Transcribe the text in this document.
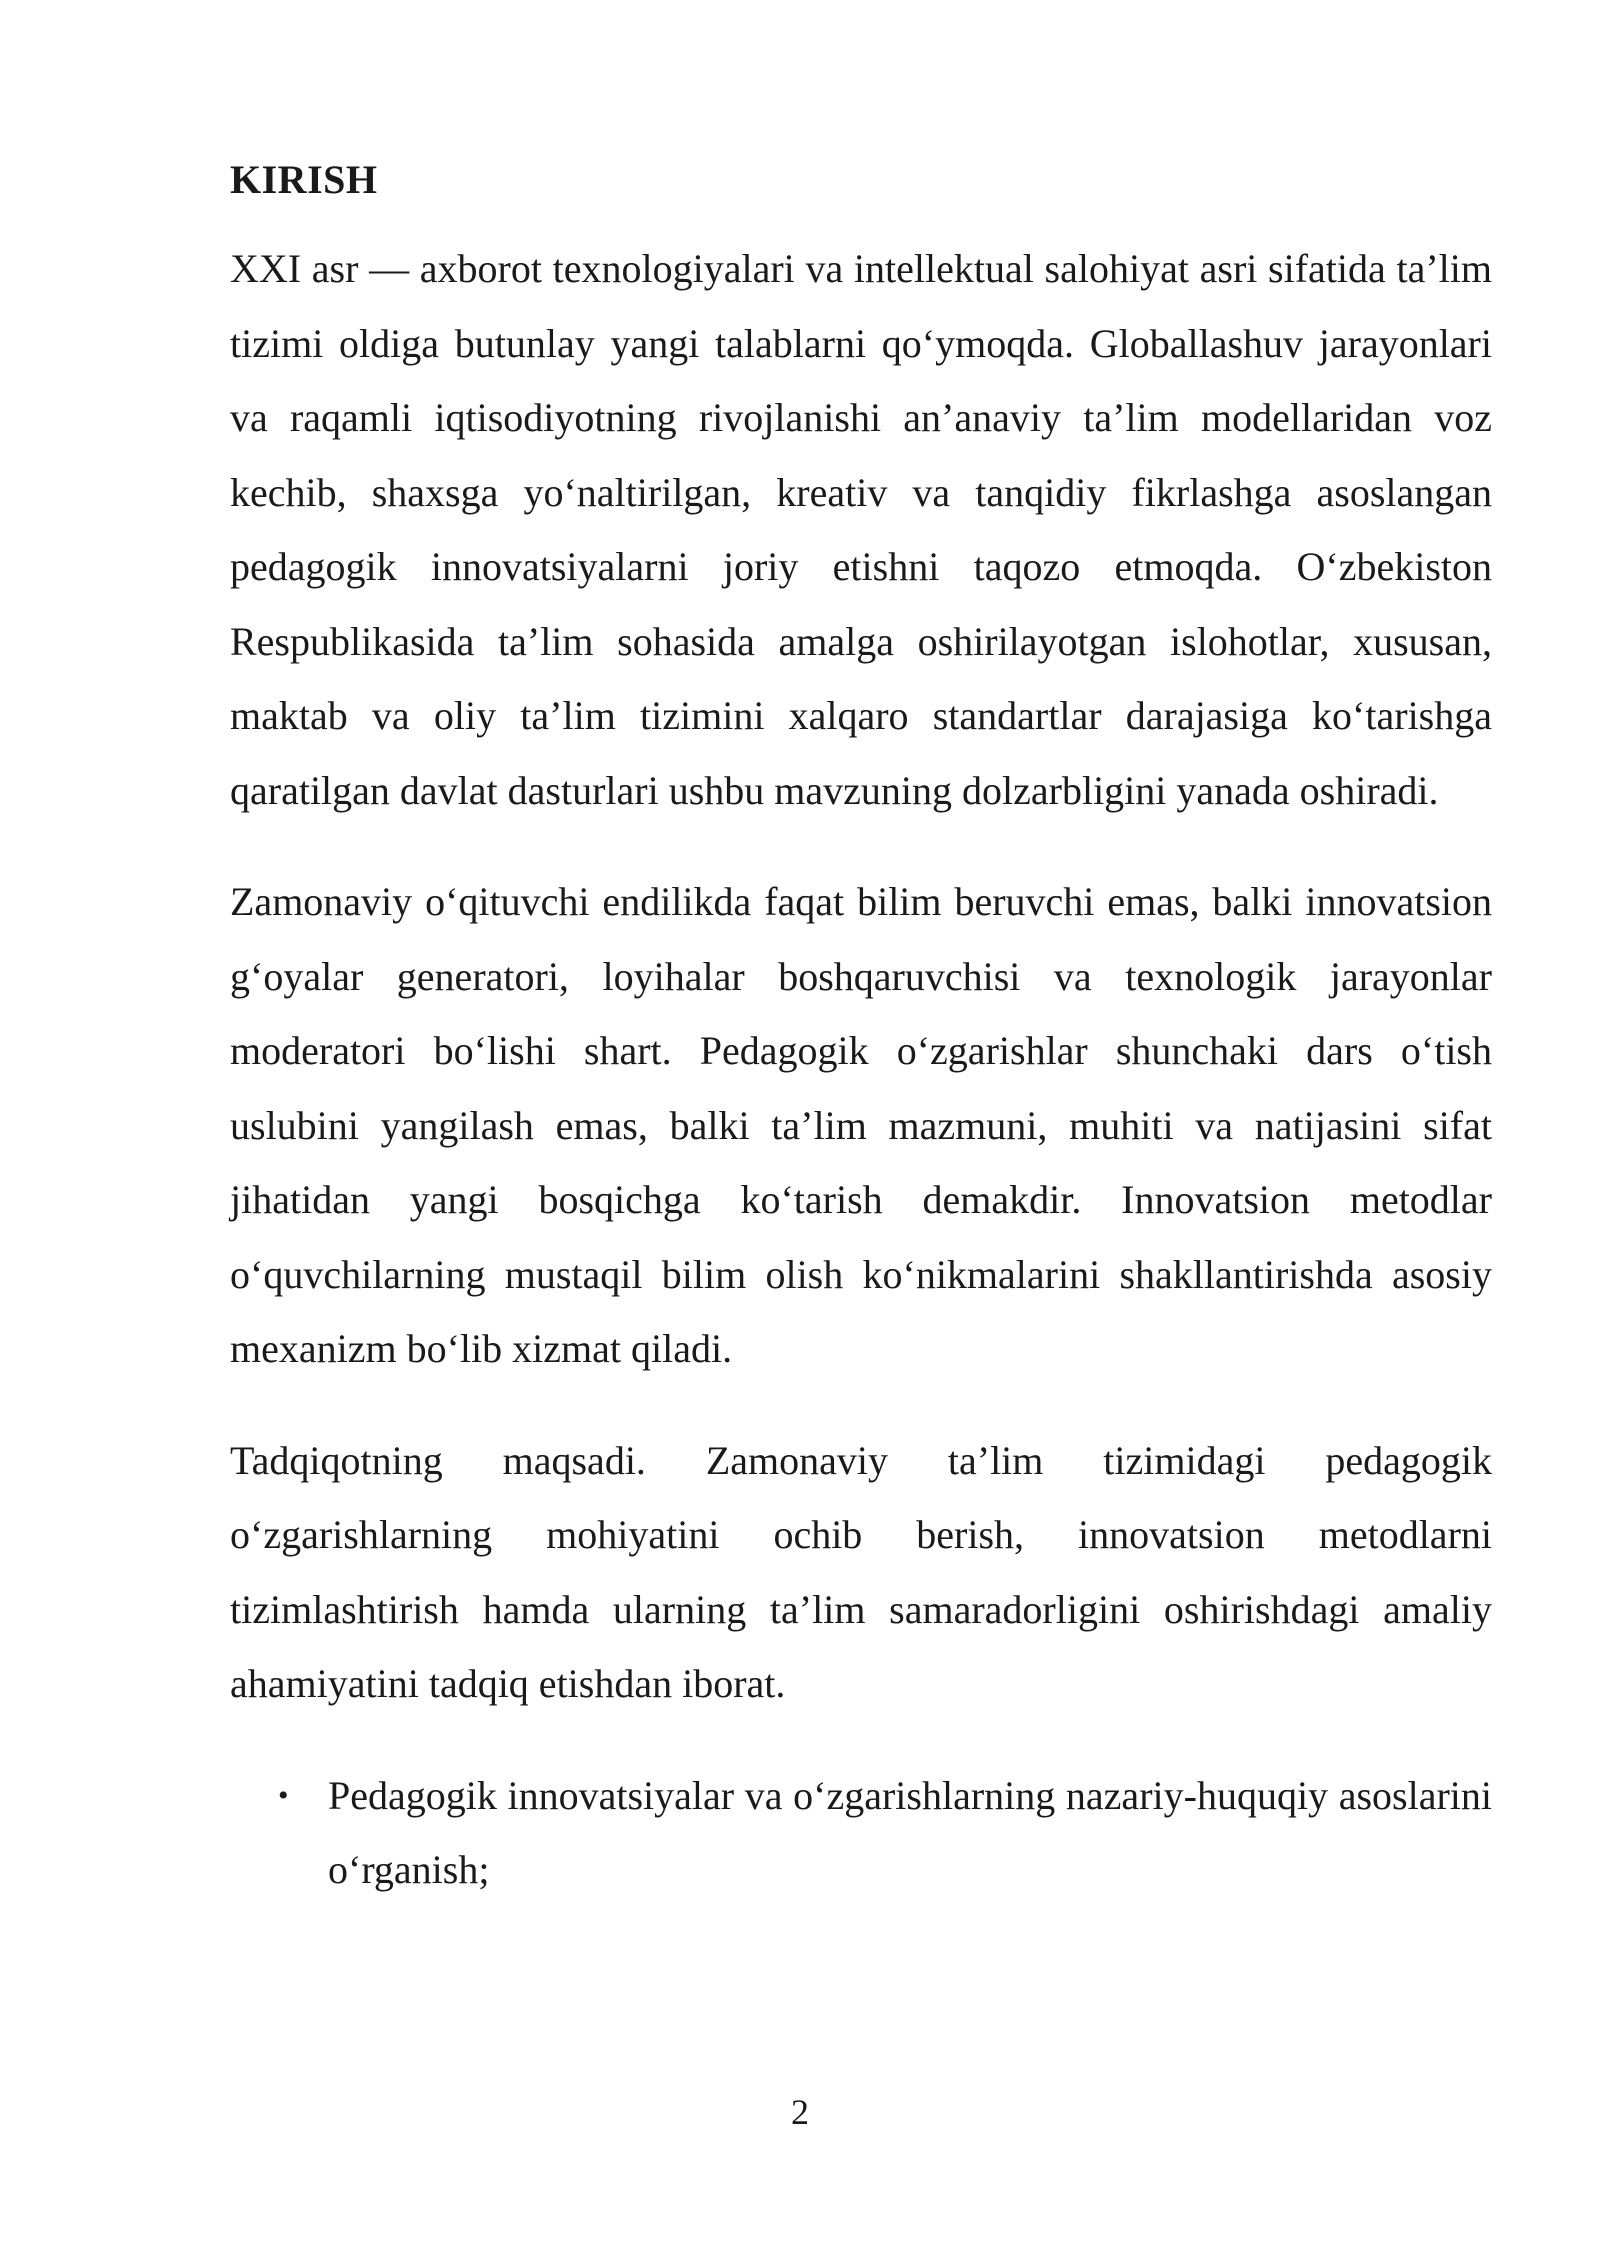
KIRISH

XXI asr — axborot texnologiyalari va intellektual salohiyat asri sifatida ta’lim tizimi oldiga butunlay yangi talablarni qo‘ymoqda. Globallashuv jarayonlari va raqamli iqtisodiyotning rivojlanishi an’anaviy ta’lim modellaridan voz kechib, shaxsga yo‘naltirilgan, kreativ va tanqidiy fikrlashga asoslangan pedagogik innovatsiyalarni joriy etishni taqozo etmoqda. O‘zbekiston Respublikasida ta’lim sohasida amalga oshirilayotgan islohotlar, xususan, maktab va oliy ta’lim tizimini xalqaro standartlar darajasiga ko‘tarishga qaratilgan davlat dasturlari ushbu mavzuning dolzarbligini yanada oshiradi.

Zamonaviy o‘qituvchi endilikda faqat bilim beruvchi emas, balki innovatsion g‘oyalar generatori, loyihalar boshqaruvchisi va texnologik jarayonlar moderatori bo‘lishi shart. Pedagogik o‘zgarishlar shunchaki dars o‘tish uslubini yangilash emas, balki ta’lim mazmuni, muhiti va natijasini sifat jihatidan yangi bosqichga ko‘tarish demakdir. Innovatsion metodlar o‘quvchilarning mustaqil bilim olish ko‘nikmalarini shakllantirishda asosiy mexanizm bo‘lib xizmat qiladi.

Tadqiqotning maqsadi. Zamonaviy ta’lim tizimidagi pedagogik o‘zgarishlarning mohiyatini ochib berish, innovatsion metodlarni tizimlashtirish hamda ularning ta’lim samaradorligini oshirishdagi amaliy ahamiyatini tadqiq etishdan iborat.

• Pedagogik innovatsiyalar va o‘zgarishlarning nazariy-huquqiy asoslarini o‘rganish;
2
